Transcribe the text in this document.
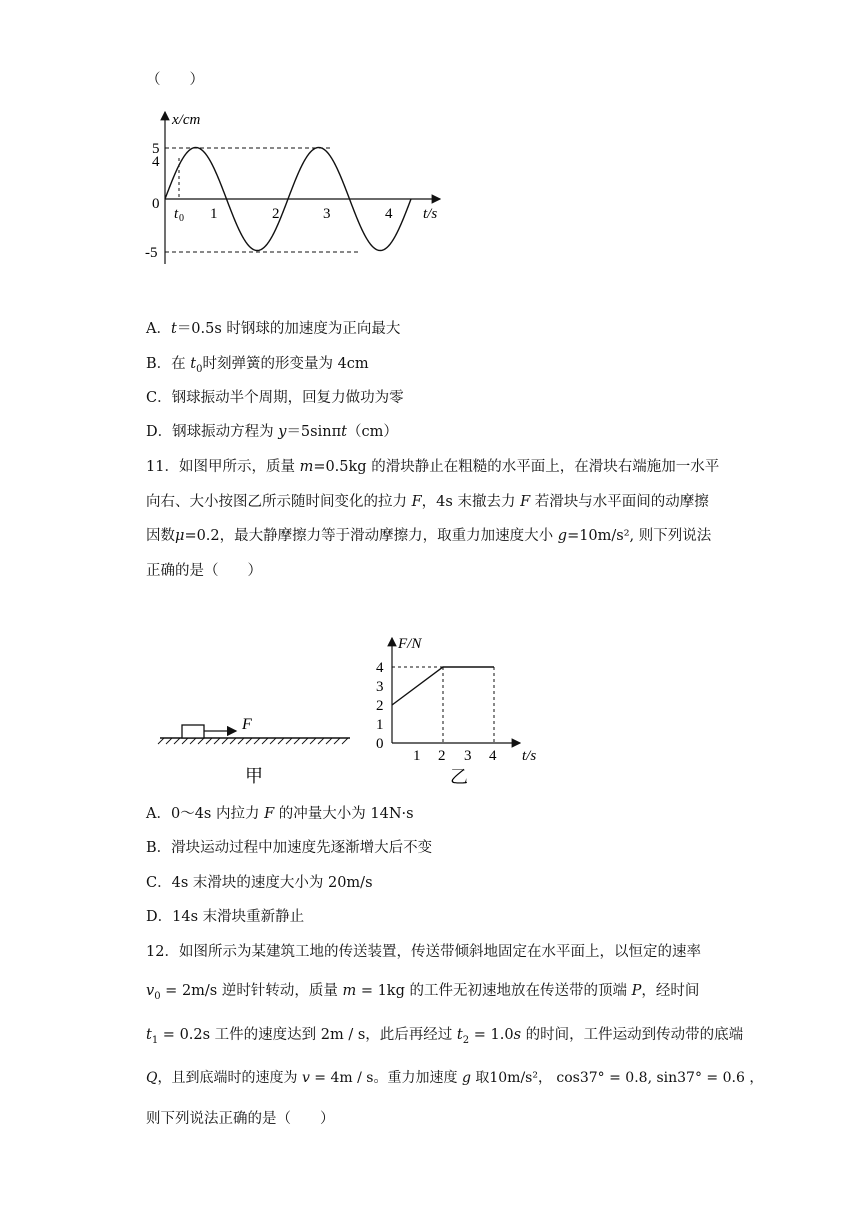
（　　）
x/cm
5
4
-5
0
t 0 1	2	3	4 t/s
A．t＝0.5s 时钢球的加速度为正向最大
B．在 $t_0$时刻弹簧的形变量为 4cm
C．钢球振动半个周期，回复力做功为零
D．钢球振动方程为 y＝5sinπt（cm）
11．如图甲所示，质量 m=0.5kg 的滑块静止在粗糙的水平面上，在滑块右端施加一水平
向右、大小按图乙所示随时间变化的拉力 F，4s 末撤去力 F 若滑块与水平面间的动摩擦
因数μ=0.2，最大静摩擦力等于滑动摩擦力，取重力加速度大小 g=10m/s², 则下列说法
正确的是（　　）
F
甲
F/N
4
3
2
1
0
1 2 3 4 t/s
乙
A．0～4s 内拉力 F 的冲量大小为 14N·s
B．滑块运动过程中加速度先逐渐增大后不变
C．4s 末滑块的速度大小为 20m/s
D．14s 末滑块重新静止
12．如图所示为某建筑工地的传送装置，传送带倾斜地固定在水平面上，以恒定的速率
$v_0 = 2m/s$ 逆时针转动，质量 m = 1kg 的工件无初速地放在传送带的顶端 P，经时间
$t_1 = 0.2s$ 工件的速度达到 2m / s，此后再经过 $t_2 = 1.0s$ 的时间，工件运动到传动带的底端
Q，且到底端时的速度为 v = 4m / s。重力加速度 g 取10m/s²， cos37° = 0.8, sin37° = 0.6 ，
则下列说法正确的是（　　）
